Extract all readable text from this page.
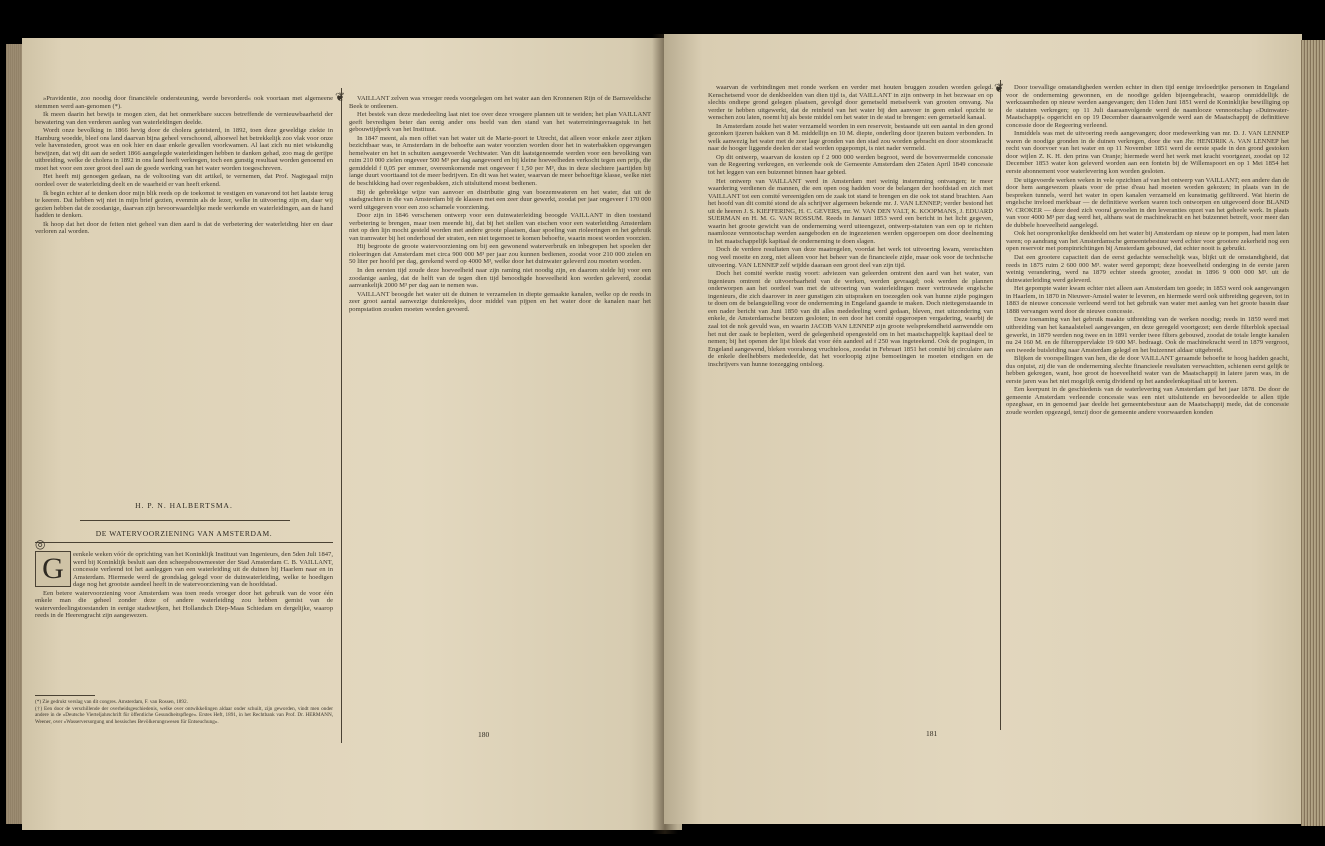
»Pravidentie, zoo noodig door financiëele ondersteuning, werde bevorderd« ook voortaan met algemeene stemmen werd aan-genomen (*).

Ik meen daarin het bewijs te mogen zien, dat het onmerkbare succes betreffende de vernieuwbaarheid der bewatering van den verderen aanleg van waterleidingen deelde.

Wordt onze bevolking in 1866 hevig door de cholera geteisterd, in 1892, toen deze geweldige ziekte in Hamburg woedde, bleef ons land daarvan bijna geheel verschoond, alhoewel het betrekkelijk zoo vlak voor onze vele havensteden, groot was en ook hier en daar enkele gevallen voorkwamen. Al laat zich nu niet wiskundig bewijzen, dat wij dit aan de sedert 1866 aangelegde waterleidingen hebben te danken gehad, zoo mag de gerijpe uitbreiding, welke de cholera in 1892 in ons land heeft verkregen, toch een gunstig resultaat worden genoemd en moet het voor een zeer groot deel aan de goede werking van het water worden toegeschreven.

Het heeft mij genoegen gedaan, na de voltooiing van dit artikel, te vernemen, dat Prof. Nagtegaal mijn oordeel over de waterleiding deelt en de waarheid er van heeft erkend.

Ik begin echter af te denken door mijn blik reeds op de toekomst te vestigen en vanavond tot het laatste terug te keeren. Dat hebben wij niet in mijn brief gezien, evenmin als de lezer, welke in uitvoering zijn en, daar wij gezien hebben dat de zoodanige, daarvan zijn bevoorwaardelijke mede werkende en waterleidingen, aan de hand hadden te denken.

Ik hoop dat het door de feiten niet geheel van dien aard is dat de verbetering der waterleiding hier en daar verloren zal worden.

H. P. N. HALBERTSMA.
DE WATERVOORZIENING VAN AMSTERDAM.
◎
G	eenkele weken vóór de oprichting van het Koninklijk Instituut van Ingenieurs, den 5den Juli 1847, werd bij Koninklijk besluit aan den scheepsbouwmeester der Stad Amsterdam C. B. VAILLANT, concessie verleend tot het aanleggen van een waterleiding uit de duinen bij Haarlem naar en in Amsterdam. Hiermede werd de grondslag gelegd voor de duinwaterleiding, welke te hoedigen dage nog het grootste aandeel heeft in de watervoorziening van de hoofdstad.

Een betere watervoorziening voor Amsterdam was toen reeds vroeger door het gebruik van de voor één enkele man die geheel zonder deze of andere waterleiding zou hebben gemist van de waterverdeelingstoestanden in eenige stadswijken, het Hollandsch Diep-Maas Schiedam en dergelijke, waarop reeds in de Heerengracht zijn aangewezen.

(*) Zie gedrukt verslag van dit congres. Amsterdam, F. van Rossen, 1892.

(†) Een door de verschillende der overheidsgeschiedenis, welke over ontwikkelingen aldaar onder schuilt, zijn geworden, vindt men onder andere in de »Deutsche Vierteljahrschrift für öffentliche Gesundheitspflege«. Erstes Heft, 1891, in het Rechtbank van Prof. Dr. HERMANN, Weener, over »Wasserversorgung und hessisches Bevölkerungswesen für Entseuchung«.

❦	VAILLANT zelven was vroeger reeds voorgelegen om het water aan den Kronnenen Rijn of de Barnsveldsche Beek te ontleenen.

Het bestek van deze mededeeling laat niet toe over deze vroegere plannen uit te weiden; het plan VAILLANT geeft bevredigen beter dan eenig ander ons beeld van den stand van het waterreiningsvraagstuk in het gebouwtijdperk van het Instituut.

In 1847 meent, als men offiet van het water uit de Marie-poort te Utrecht, dat alleen voor enkele zeer zijken bezichtbaar was, te Amsterdam in de behoefte aan water voorzien worden door het in waterbakken opgevangen hemelwater en het in schuiten aangevoerde Vechtwater. Van dit laatstgenoemde werden voor een bevolking van ruim 210 000 zielen ongeveer 500 M³ per dag aangevoerd en bij kleine hoeveelheden verkocht tegen een prijs, die gemiddeld f 0,05 per emmer, overeenkomende met ongeveer f 1,50 per M³, dus in deze slechtere jaartijden bij lange duurt voorttaand tot de meer bedrijven. En dit was het water, waarvan de meer behoeftige klasse, welke niet de beschikking had over regenbakken, zich uitsluitend moest bedienen.

Bij de gebrekkige wijze van aanvoer en distributie ging van boezemwateren en het water, dat uit de stadsgrachten in die van Amsterdam bij de klassen met een zeer duur gewerkt, zoodat per jaar ongeveer f 170 000 werd uitgegeven voor een zoo schamele voorziening.

Door zijn in 1846 verschenen ontwerp voor een duinwaterleiding beoogde VAILLANT in dien toestand verbetering te brengen, maar toen meende hij, dat bij het stellen van eischen voor een waterleiding Amsterdam niet op den lijn mocht gesteld worden met andere groote plaatsen, daar spoeling van rioleeringen en het gebruik van tramwater bij het onderhoud der straten, een niet tegemoet te komen behoefte, waarin moest worden voorzien.

Hij begroote de groote watervoorziening om bij een gewonend waterverbruik en inbegrepen het spoelen der rioleeringen dat Amsterdam met circa 900 000 M³ per jaar zou kunnen bedienen, zoodat voor 210 000 zielen en 50 liter per hoofd per dag, gerekend werd op 4000 M³, welke door het duinwater geleverd zou moeten worden.

In den eersten tijd zoude deze hoeveelheid naar zijn raming niet noodig zijn, en daarom stelde hij voor een zoodanige aanleg, dat de helft van de tegen dien tijd benoodigde hoeveelheid kon worden geleverd, zoodat aanvankelijk 2000 M³ per dag aan te nemen was.

VAILLANT beoogde het water uit de duinen te verzamelen in diepte gemaakte kanalen, welke op de reeds in zeer groot aantal aanwezige duinkreekjes, door middel van pijpen en het water door de kanalen naar het pompstation zouden moeten worden gevoerd.

180

waarvan de verbindingen met ronde werken en verder met houten bruggen zouden worden gelegd. Kenschetsend voor de denkbeelden van dien tijd is, dat VAILLANT in zijn ontwerp in het bezwaar en op slechts ondiepe grond gelegen plaatsen, gevolgd door gemetseld metselwerk van grooten omvang. Na verder te hebben uitgewerkt, dat de reinheid van het water bij den aanvoer in geen enkel opzicht te wenschen zou laten, noemt hij als beste middel om het water in de stad te brengen: een gemetseld kanaal.

In Amsterdam zoude het water verzameld worden in een reservoir, bestaande uit een aantal in den grond gezonken ijzeren bakken van 8 M. middellijn en 10 M. diepte, onderling door ijzeren buizen verbonden. In welk aanwezig het water met de zeer lage gronden van den stad zou worden gebracht en door stoomkracht naar de hooger liggende deelen der stad worden opgepompt, is niet nader vermeld.

Op dit ontwerp, waarvan de kosten op f 2 900 000 werden begroot, werd de bovenvermelde concessie van de Regeering verkregen, en verleende ook de Gemeente Amsterdam den 25sten April 1849 concessie tot het leggen van een buizennet binnen haar gebied.

Het ontwerp van VAILLANT werd in Amsterdam met weinig instemming ontvangen; te meer waardering verdienen de mannen, die een open oog hadden voor de belangen der hoofdstad en zich met VAILLANT tot een comité vereenigden om de zaak tot stand te brengen en die ook tot stand brachten. Aan het hoofd van dit comité stond de als schrijver algemeen bekende mr. J. VAN LENNEP; verder bestond het uit de heeren J. S. KIEFFERING, H. C. GEVERS, mr. W. VAN DEN VALT, K. KOOPMANS, J. EDUARD SUERMAN en H. M. G. VAN ROSSUM. Reeds in Januari 1853 werd een bericht in het licht gegeven, waarin het groote gewicht van de onderneming werd uiteengezet, ontwerp-statuten van een op te richten naamlooze vennootschap werden aangeboden en de ingezetenen werden opgeroepen om door deelneming in het maatschappelijk kapitaal de onderneming te doen slagen.

Doch de verdere resultaten van deze maatregelen, voordat het werk tot uitvoering kwam, vereischten nog veel moeite en zorg, niet alleen voor het beheer van de financieele zijde, maar ook voor de technische uitvoering. VAN LENNEP zelf wijdde daaraan een groot deel van zijn tijd.

Doch het comité werkte rustig voort: adviezen van geleerden omtrent den aard van het water, van ingenieurs omtrent de uitvoerbaarheid van de werken, werden gevraagd; ook werden de plannen onderworpen aan het oordeel van met de uitvoering van waterleidingen meer vertrouwde engelsche ingenieurs, die zich daarover in zeer gunstigen zin uitspraken en toezegden ook van hunne zijde pogingen te doen om de belangstelling voor de onderneming in Engeland gaande te maken. Doch niettegenstaande in een nader bericht van Juni 1850 van dit alles mededeeling werd gedaan, bleven, met uitzondering van enkele, de Amsterdamsche beurzen gesloten; in een door het comité opgeroepen vergadering, waarbij de zaal tot de nok gevuld was, en waarin JACOB VAN LENNEP zijn groote welsprekendheid aanwendde om het nut der zaak te bepleiten, werd de gelegenheid opengesteld om in het maatschappelijk kapitaal deel te nemen; bij het openen der lijst bleek dat voor één aandeel ad f 250 was ingeteekend. Ook de pogingen, in Engeland aangewend, bleken vooralsnog vruchteloos, zoodat in Februari 1851 het comité bij circulaire aan de enkele deelhebbers mededeelde, dat het voorloopig zijne bemoeiingen te moeten eindigen en de inschrijvers van hunne toezegging ontsloeg.

❦	Door toevallige omstandigheden werden echter in dien tijd eenige invloedrijke personen in Engeland voor de onderneming gewonnen, en de noodige gelden bijeengebracht, waarop onmiddellijk de werkzaamheden op nieuw werden aangevangen; den 11den Juni 1851 werd de Koninklijke bewilliging op de statuten verkregen; op 11 Juli daaraanvolgende werd de naamlooze vennootschap »Duinwater-Maatschappij« opgericht en op 19 December daaraanvolgende werd aan de Maatschappij de definitieve concessie door de Regeering verleend.

Inmiddels was met de uitvoering reeds aangevangen; door medewerking van mr. D. J. VAN LENNEP waren de noodige gronden in de duinen verkregen, door die van Jhr. HENDRIK A. VAN LENNEP het recht van doorvoer van het water en op 11 November 1851 werd de eerste spade in den grond gestoken door wijlen Z. K. H. den prins van Oranje; hiermede werd het werk met kracht voortgezet, zoodat op 12 December 1853 water kon geleverd worden aan een fontein bij de Willemspoort en op 1 Mei 1854 het eerste abonnement voor waterlevering kon worden gesloten.

De uitgevoerde werken weken in vele opzichten af van het ontwerp van VAILLANT; een andere dan de door hem aangewezen plaats voor de prise d'eau had moeten worden gekozen; in plaats van in de bespreken tunnels, werd het water in open kanalen verzameld en kunstmatig gefiltreerd. Wat hierin de engelsche invloed merkbaar — de definitieve werken waren toch ontworpen en uitgevoerd door BLAND W. CROKER — deze deed zich vooral gevoelen in den leveranties opzet van het geheele werk. In plaats van voor 4000 M³ per dag werd het, althans wat de machinekracht en het buizennet betreft, voor meer dan de dubbele hoeveelheid aangelegd.

Ook het oorspronkelijke denkbeeld om het water bij Amsterdam op nieuw op te pompen, had men laten varen; op aandrang van het Amsterdamsche gemeentebestuur werd echter voor grootere zekerheid nog een open reservoir met pompinrichtingen bij Amsterdam gebouwd, dat echter nooit is gebruikt.

Dat een grootere capaciteit dan de eerst gedachte wenschelijk was, blijkt uit de omstandigheid, dat reeds in 1875 ruim 2 600 000 M³. water werd gepompt; deze hoeveelheid onderging in de eerste jaren weinig verandering, werd na 1879 echter steeds grooter, zoodat in 1896 9 000 000 M³. uit de duinwaterleiding werd geleverd.

Het gepompte water kwam echter niet alleen aan Amsterdam ten goede; in 1853 werd ook aangevangen in Haarlem, in 1870 in Nieuwer-Amstel water te leveren, en hiermede werd ook uitbreiding gegeven, tot in 1883 de nieuwe concessie verleend werd tot het gebruik van water met aanleg van het groote bassin daar 1888 vervangen werd door de nieuwe concessie.

Deze toenaming van het gebruik maakte uitbreiding van de werken noodig; reeds in 1859 werd met uitbreiding van het kanaalstelsel aangevangen, en deze geregeld voortgezet; een derde filterblok speciaal gewerkt, in 1879 werden nog twee en in 1891 verder twee filters gebouwd, zoodat de totale lengte kanalen nu 24 160 M. en de filteroppervlakte 19 600 M². bedraagt. Ook de machinekracht werd in 1879 vergroot, een tweede buisleiding naar Amsterdam gelegd en het buizennet aldaar uitgebreid.

Blijken de voorspellingen van hen, die de door VAILLANT geraamde behoefte te hoog hadden geacht, dus onjuist, zij die van de onderneming slechte financieele resultaten verwachtten, schienen eerst gelijk te hebben gekregen, want, hoe groot de hoeveelheid water van de Maatschappij in latere jaren was, in de eerste jaren was het niet mogelijk eenig dividend op het aandeelenkapitaal uit te keeren.

Een keerpunt in de geschiedenis van de waterlevering van Amsterdam gaf het jaar 1878. De door de gemeente Amsterdam verleende concessie was een niet uitsluitende en bevoordeelde te allen tijde opzegbaar, en in genoemd jaar deelde het gemeentebestuur aan de Maatschappij mede, dat de concessie zoude worden opgezegd, tenzij door de gemeente andere voorwaarden konden

181
